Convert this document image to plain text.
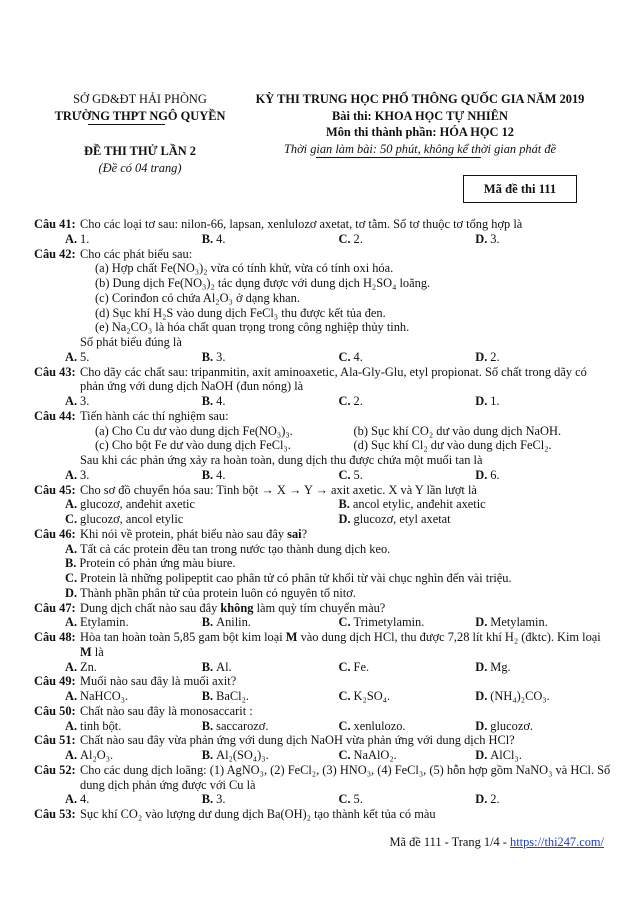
SỞ GD&ĐT HẢI PHÒNG
TRƯỜNG THPT NGÔ QUYỀN
ĐỀ THI THỬ LẦN 2
(Đề có 04 trang)
KỲ THI TRUNG HỌC PHỔ THÔNG QUỐC GIA NĂM 2019
Bài thi: KHOA HỌC TỰ NHIÊN
Môn thi thành phần: HÓA HỌC 12
Thời gian làm bài: 50 phút, không kể thời gian phát đề
Mã đề thi 111
Câu 41: Cho các loại tơ sau: nilon-66, lapsan, xenlulozơ axetat, tơ tằm. Số tơ thuộc tơ tổng hợp là
A. 1.	B. 4.	C. 2.	D. 3.
Câu 42: Cho các phát biểu sau:
(a) Hợp chất Fe(NO₃)₂ vừa có tính khử, vừa có tính oxi hóa.
(b) Dung dịch Fe(NO₃)₂ tác dụng được với dung dịch H₂SO₄ loãng.
(c) Corinđon có chứa Al₂O₃ ở dạng khan.
(d) Sục khí H₂S vào dung dịch FeCl₃ thu được kết tủa đen.
(e) Na₂CO₃ là hóa chất quan trọng trong công nghiệp thủy tinh.
Số phát biểu đúng là
A. 5.	B. 3.	C. 4.	D. 2.
Câu 43: Cho dãy các chất sau: tripanmitin, axit aminoaxetic, Ala-Gly-Glu, etyl propionat. Số chất trong dãy có phản ứng với dung dịch NaOH (đun nóng) là
A. 3.	B. 4.	C. 2.	D. 1.
Câu 44: Tiến hành các thí nghiệm sau:
(a) Cho Cu dư vào dung dịch Fe(NO₃)₃.	(b) Sục khí CO₂ dư vào dung dịch NaOH.
(c) Cho bột Fe dư vào dung dịch FeCl₃.	(d) Sục khí Cl₂ dư vào dung dịch FeCl₂.
Sau khi các phản ứng xảy ra hoàn toàn, dung dịch thu được chứa một muối tan là
A. 3.	B. 4.	C. 5.	D. 6.
Câu 45: Cho sơ đồ chuyển hóa sau: Tinh bột → X → Y → axit axetic. X và Y lần lượt là
A. glucozơ, anđehit axetic	B. ancol etylic, anđehit axetic
C. glucozơ, ancol etylic	D. glucozơ, etyl axetat
Câu 46: Khi nói về protein, phát biểu nào sau đây sai?
A. Tất cả các protein đều tan trong nước tạo thành dung dịch keo.
B. Protein có phản ứng màu biure.
C. Protein là những polipeptit cao phân tử có phân tử khối từ vài chục nghìn đến vài triệu.
D. Thành phần phân tử của protein luôn có nguyên tố nitơ.
Câu 47: Dung dịch chất nào sau đây không làm quỳ tím chuyển màu?
A. Etylamin.	B. Anilin.	C. Trimetylamin.	D. Metylamin.
Câu 48: Hòa tan hoàn toàn 5,85 gam bột kim loại M vào dung dịch HCl, thu được 7,28 lít khí H₂ (đktc). Kim loại M là
A. Zn.	B. Al.	C. Fe.	D. Mg.
Câu 49: Muối nào sau đây là muối axit?
A. NaHCO₃.	B. BaCl₂.	C. K₂SO₄.	D. (NH₄)₂CO₃.
Câu 50: Chất nào sau đây là monosaccarit :
A. tinh bột.	B. saccarozơ.	C. xenlulozo.	D. glucozơ.
Câu 51: Chất nào sau đây vừa phản ứng với dung dịch NaOH vừa phản ứng với dung dịch HCl?
A. Al₂O₃.	B. Al₂(SO₄)₃.	C. NaAlO₂.	D. AlCl₃.
Câu 52: Cho các dung dịch loãng: (1) AgNO₃, (2) FeCl₂, (3) HNO₃, (4) FeCl₃, (5) hỗn hợp gồm NaNO₃ và HCl. Số dung dịch phản ứng được với Cu là
A. 4.	B. 3.	C. 5.	D. 2.
Câu 53: Sục khí CO₂ vào lượng dư dung dịch Ba(OH)₂ tạo thành kết tủa có màu
Mã đề 111 - Trang 1/4 - https://thi247.com/
